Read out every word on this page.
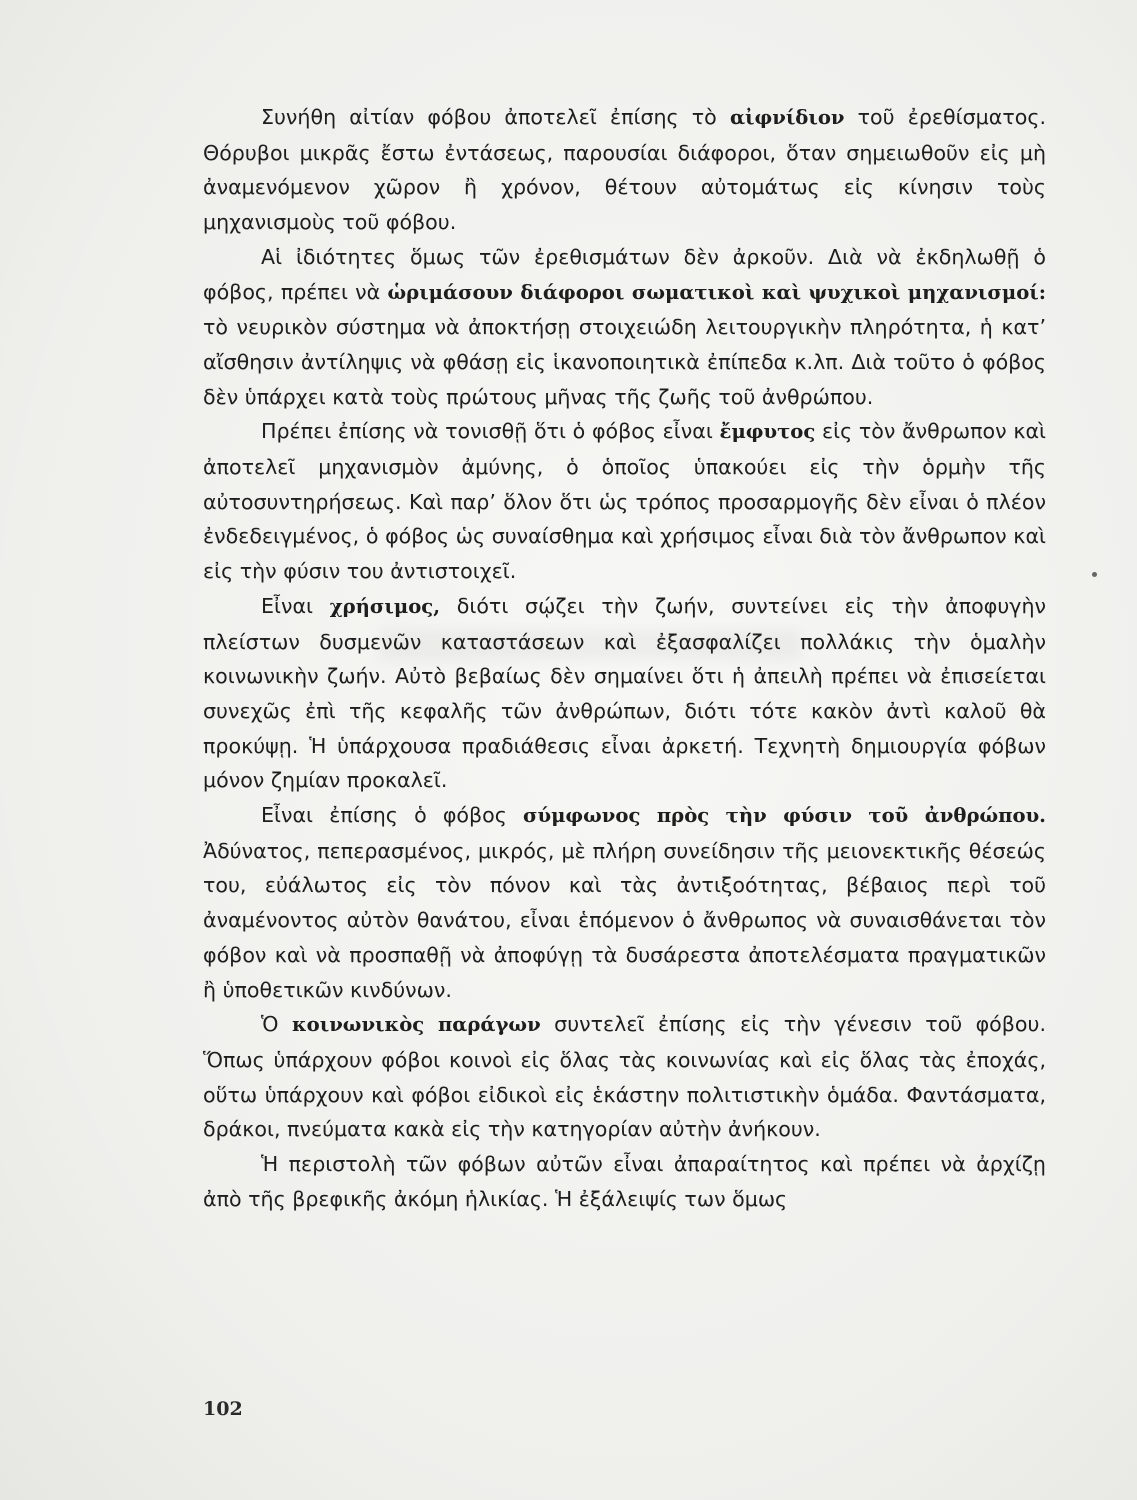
Συνήθη αἰτίαν φόβου ἀποτελεῖ ἐπίσης τὸ αἰφνίδιον τοῦ ἐρεθίσματος. Θόρυβοι μικρᾶς ἔστω ἐντάσεως, παρουσίαι διάφοροι, ὅταν σημειωθοῦν εἰς μὴ ἀναμενόμενον χῶρον ἢ χρόνον, θέτουν αὐτομάτως εἰς κίνησιν τοὺς μηχανισμοὺς τοῦ φόβου.

Αἱ ἰδιότητες ὅμως τῶν ἐρεθισμάτων δὲν ἀρκοῦν. Διὰ νὰ ἐκδηλωθῇ ὁ φόβος, πρέπει νὰ ὡριμάσουν διάφοροι σωματικοὶ καὶ ψυχικοὶ μηχανισμοί: τὸ νευρικὸν σύστημα νὰ ἀποκτήσῃ στοιχειώδη λειτουργικὴν πληρότητα, ἡ κατ’ αἴσθησιν ἀντίληψις νὰ φθάσῃ εἰς ἱκανοποιητικὰ ἐπίπεδα κ.λπ. Διὰ τοῦτο ὁ φόβος δὲν ὑπάρχει κατὰ τοὺς πρώτους μῆνας τῆς ζωῆς τοῦ ἀνθρώπου.

Πρέπει ἐπίσης νὰ τονισθῇ ὅτι ὁ φόβος εἶναι ἔμφυτος εἰς τὸν ἄνθρωπον καὶ ἀποτελεῖ μηχανισμὸν ἀμύνης, ὁ ὁποῖος ὑπακούει εἰς τὴν ὁρμὴν τῆς αὐτοσυντηρήσεως. Καὶ παρ’ ὅλον ὅτι ὡς τρόπος προσαρμογῆς δὲν εἶναι ὁ πλέον ἐνδεδειγμένος, ὁ φόβος ὡς συναίσθημα καὶ χρήσιμος εἶναι διὰ τὸν ἄνθρωπον καὶ εἰς τὴν φύσιν του ἀντιστοιχεῖ.

Εἶναι χρήσιμος, διότι σῴζει τὴν ζωήν, συντείνει εἰς τὴν ἀποφυγὴν πλείστων δυσμενῶν καταστάσεων καὶ ἐξασφαλίζει πολλάκις τὴν ὁμαλὴν κοινωνικὴν ζωήν. Αὐτὸ βεβαίως δὲν σημαίνει ὅτι ἡ ἀπειλὴ πρέπει νὰ ἐπισείεται συνεχῶς ἐπὶ τῆς κεφαλῆς τῶν ἀνθρώπων, διότι τότε κακὸν ἀντὶ καλοῦ θὰ προκύψῃ. Ἡ ὑπάρχουσα πραδιάθεσις εἶναι ἀρκετή. Τεχνητὴ δημιουργία φόβων μόνον ζημίαν προκαλεῖ.

Εἶναι ἐπίσης ὁ φόβος σύμφωνος πρὸς τὴν φύσιν τοῦ ἀνθρώπου. Ἀδύνατος, πεπερασμένος, μικρός, μὲ πλήρη συνείδησιν τῆς μειονεκτικῆς θέσεώς του, εὐάλωτος εἰς τὸν πόνον καὶ τὰς ἀντιξοότητας, βέβαιος περὶ τοῦ ἀναμένοντος αὐτὸν θανάτου, εἶναι ἑπόμενον ὁ ἄνθρωπος νὰ συναισθάνεται τὸν φόβον καὶ νὰ προσπαθῇ νὰ ἀποφύγῃ τὰ δυσάρεστα ἀποτελέσματα πραγματικῶν ἢ ὑποθετικῶν κινδύνων.

Ὁ κοινωνικὸς παράγων συντελεῖ ἐπίσης εἰς τὴν γένεσιν τοῦ φόβου. Ὅπως ὑπάρχουν φόβοι κοινοὶ εἰς ὅλας τὰς κοινωνίας καὶ εἰς ὅλας τὰς ἐποχάς, οὕτω ὑπάρχουν καὶ φόβοι εἰδικοὶ εἰς ἑκάστην πολιτιστικὴν ὁμάδα. Φαντάσματα, δράκοι, πνεύματα κακὰ εἰς τὴν κατηγορίαν αὐτὴν ἀνήκουν.

Ἡ περιστολὴ τῶν φόβων αὐτῶν εἶναι ἀπαραίτητος καὶ πρέπει νὰ ἀρχίζῃ ἀπὸ τῆς βρεφικῆς ἀκόμη ἡλικίας. Ἡ ἐξάλειψίς των ὅμως

102
